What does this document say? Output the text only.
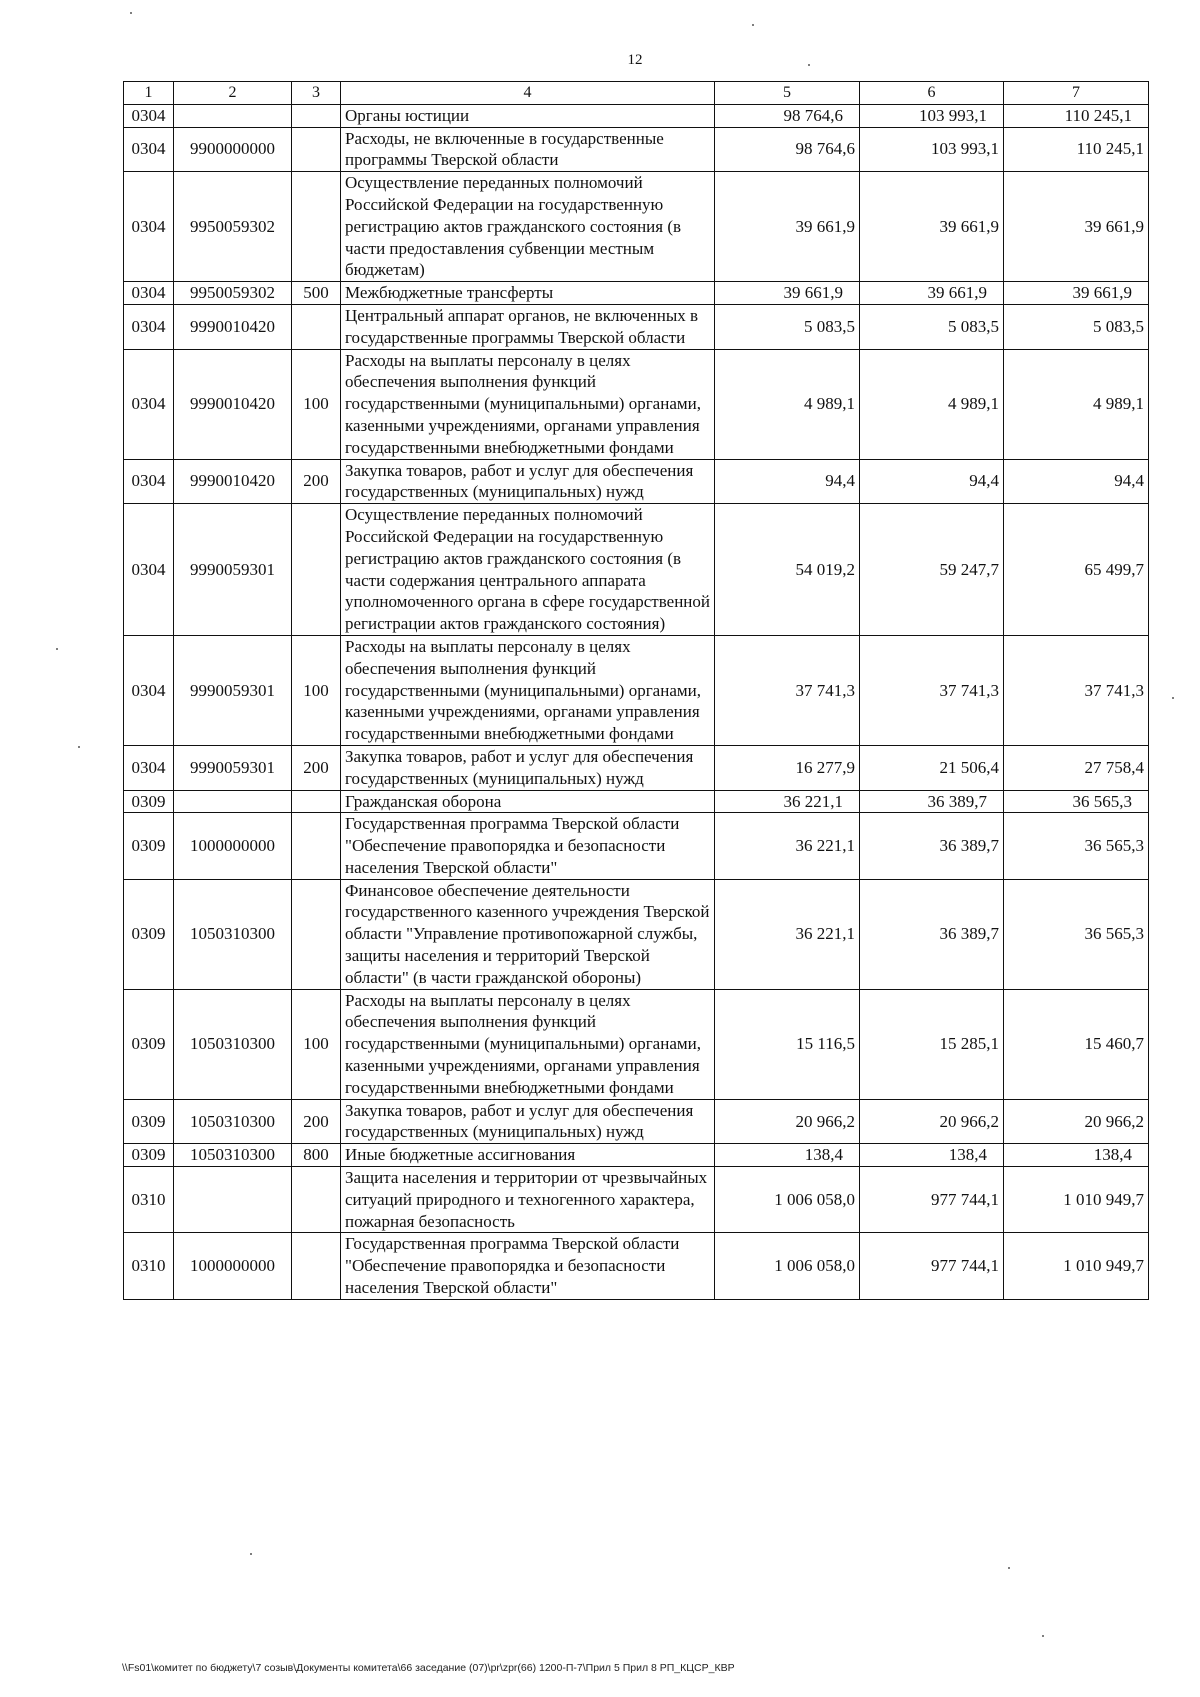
12
1	2	3	4	5	6	7
0304			Органы юстиции	98 764,6	103 993,1	110 245,1
0304	9900000000		Расходы, не включенные в государственные программы Тверской области	98 764,6	103 993,1	110 245,1
0304	9950059302		Осуществление переданных полномочий Российской Федерации на государственную регистрацию актов гражданского состояния (в части предоставления субвенции местным бюджетам)	39 661,9	39 661,9	39 661,9
0304	9950059302	500	Межбюджетные трансферты	39 661,9	39 661,9	39 661,9
0304	9990010420		Центральный аппарат органов, не включенных в государственные программы Тверской области	5 083,5	5 083,5	5 083,5
0304	9990010420	100	Расходы на выплаты персоналу в целях обеспечения выполнения функций государственными (муниципальными) органами, казенными учреждениями, органами управления государственными внебюджетными фондами	4 989,1	4 989,1	4 989,1
0304	9990010420	200	Закупка товаров, работ и услуг для обеспечения государственных (муниципальных) нужд	94,4	94,4	94,4
0304	9990059301		Осуществление переданных полномочий Российской Федерации на государственную регистрацию актов гражданского состояния (в части содержания центрального аппарата уполномоченного органа в сфере государственной регистрации актов гражданского состояния)	54 019,2	59 247,7	65 499,7
0304	9990059301	100	Расходы на выплаты персоналу в целях обеспечения выполнения функций государственными (муниципальными) органами, казенными учреждениями, органами управления государственными внебюджетными фондами	37 741,3	37 741,3	37 741,3
0304	9990059301	200	Закупка товаров, работ и услуг для обеспечения государственных (муниципальных) нужд	16 277,9	21 506,4	27 758,4
0309			Гражданская оборона	36 221,1	36 389,7	36 565,3
0309	1000000000		Государственная программа Тверской области "Обеспечение правопорядка и безопасности населения Тверской области"	36 221,1	36 389,7	36 565,3
0309	1050310300		Финансовое обеспечение деятельности государственного казенного учреждения Тверской области "Управление противопожарной службы, защиты населения и территорий Тверской области" (в части гражданской обороны)	36 221,1	36 389,7	36 565,3
0309	1050310300	100	Расходы на выплаты персоналу в целях обеспечения выполнения функций государственными (муниципальными) органами, казенными учреждениями, органами управления государственными внебюджетными фондами	15 116,5	15 285,1	15 460,7
0309	1050310300	200	Закупка товаров, работ и услуг для обеспечения государственных (муниципальных) нужд	20 966,2	20 966,2	20 966,2
0309	1050310300	800	Иные бюджетные ассигнования	138,4	138,4	138,4
0310			Защита населения и территории от чрезвычайных ситуаций природного и техногенного характера, пожарная безопасность	1 006 058,0	977 744,1	1 010 949,7
0310	1000000000		Государственная программа Тверской области "Обеспечение правопорядка и безопасности населения Тверской области"	1 006 058,0	977 744,1	1 010 949,7
\\Fs01\комитет по бюджету\7 созыв\Документы комитета\66 заседание (07)\pr\zpr(66) 1200-П-7\Прил 5 Прил 8 РП_КЦСР_КВР
